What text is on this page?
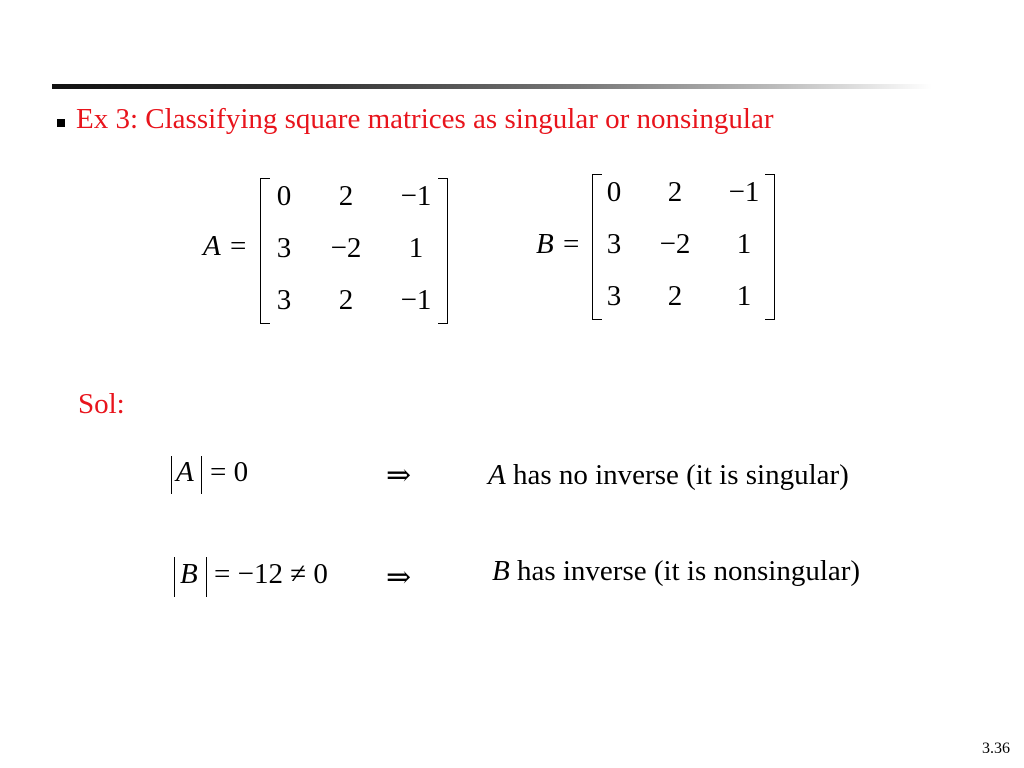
Ex 3: Classifying square matrices as singular or nonsingular
A =
0	2	−1
3	−2	1
3	2	−1
B =
0	2	−1
3	−2	1
3	2	1
Sol:
A = 0	⇒	A has no inverse (it is singular)
B = −12 ≠ 0 ⇒	B has inverse (it is nonsingular)
3.36
